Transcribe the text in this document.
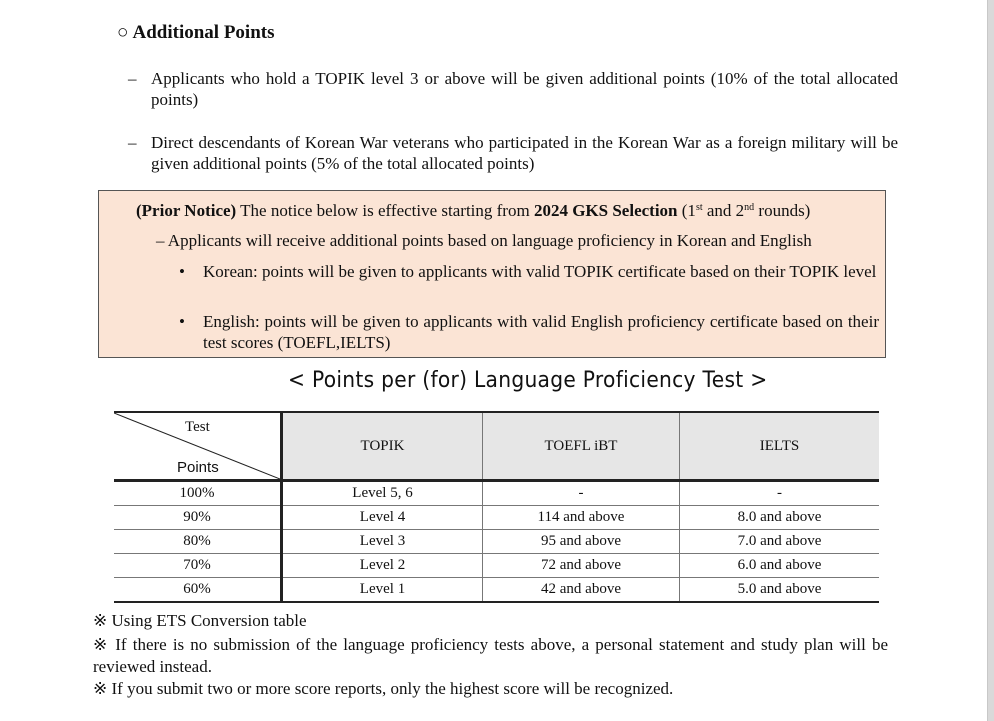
○ Additional Points
– Applicants who hold a TOPIK level 3 or above will be given additional points (10% of the total allocated points)
– Direct descendants of Korean War veterans who participated in the Korean War as a foreign military will be given additional points (5% of the total allocated points)
(Prior Notice) The notice below is effective starting from 2024 GKS Selection (1st and 2nd rounds)
– Applicants will receive additional points based on language proficiency in Korean and English
• Korean: points will be given to applicants with valid TOPIK certificate based on their TOPIK level
• English: points will be given to applicants with valid English proficiency certificate based on their test scores (TOEFL,IELTS)
< Points per (for) Language Proficiency Test >
Test
Points	TOPIK	TOEFL iBT	IELTS
100%	Level 5, 6	-	-
90%	Level 4	114 and above	8.0 and above
80%	Level 3	95 and above	7.0 and above
70%	Level 2	72 and above	6.0 and above
60%	Level 1	42 and above	5.0 and above
※ Using ETS Conversion table
※ If there is no submission of the language proficiency tests above, a personal statement and study plan will be reviewed instead.
※ If you submit two or more score reports, only the highest score will be recognized.
